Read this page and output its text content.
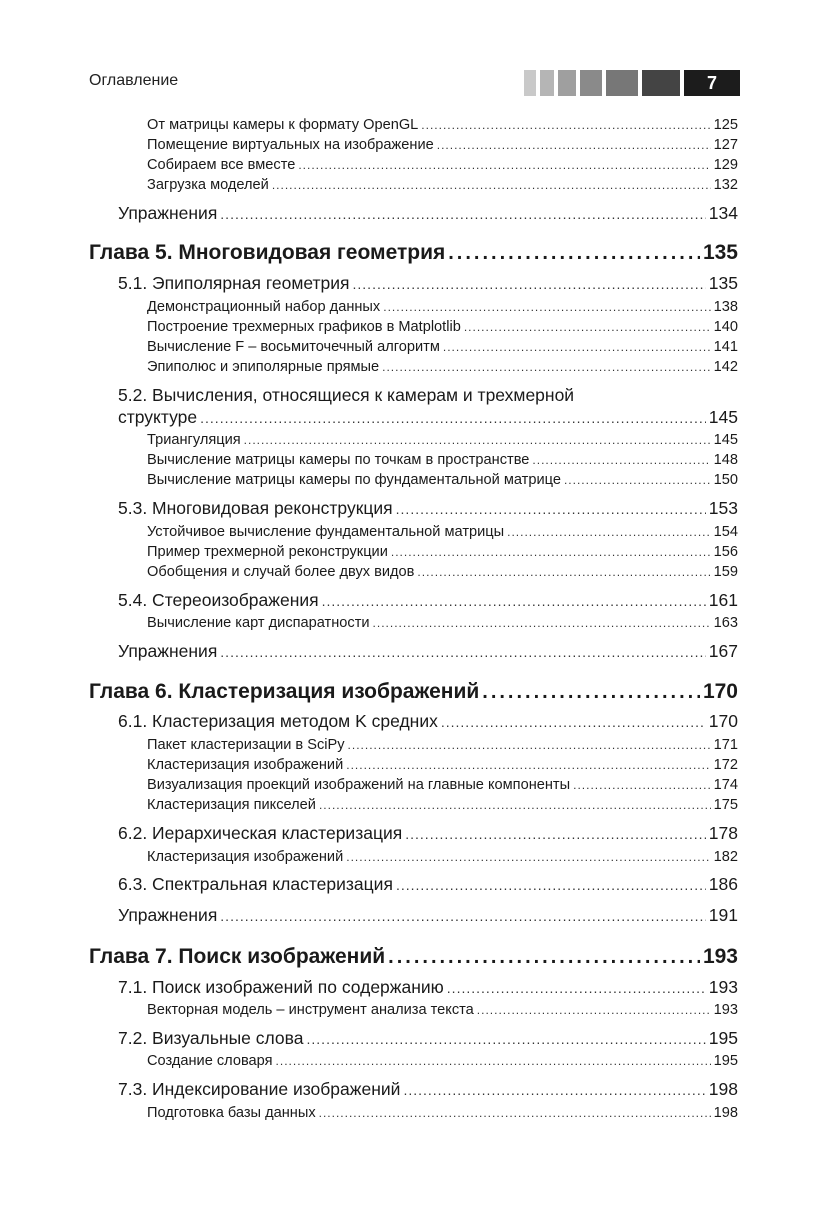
Оглавление	7
От матрицы камеры к формату OpenGL .....	125
Помещение виртуальных на изображение .....	127
Собираем все вместе .....	129
Загрузка моделей .....	132
Упражнения .....	134
Глава 5. Многовидовая геометрия .....	135
5.1. Эпиполярная геометрия .....	135
Демонстрационный набор данных .....	138
Построение трехмерных графиков в Matplotlib .....	140
Вычисление F – восьмиточечный алгоритм .....	141
Эпиполюс и эпиполярные прямые .....	142
5.2. Вычисления, относящиеся к камерам и трехмерной
структуре .....	145
Триангуляция .....	145
Вычисление матрицы камеры по точкам в пространстве .....	148
Вычисление матрицы камеры по фундаментальной матрице .....	150
5.3. Многовидовая реконструкция .....	153
Устойчивое вычисление фундаментальной матрицы .....	154
Пример трехмерной реконструкции .....	156
Обобщения и случай более двух видов .....	159
5.4. Стереоизображения .....	161
Вычисление карт диспаратности .....	163
Упражнения .....	167
Глава 6. Кластеризация изображений .....	170
6.1. Кластеризация методом K средних .....	170
Пакет кластеризации в SciPy .....	171
Кластеризация изображений .....	172
Визуализация проекций изображений на главные компоненты .....	174
Кластеризация пикселей .....	175
6.2. Иерархическая кластеризация .....	178
Кластеризация изображений .....	182
6.3. Спектральная кластеризация .....	186
Упражнения .....	191
Глава 7. Поиск изображений .....	193
7.1. Поиск изображений по содержанию .....	193
Векторная модель – инструмент анализа текста .....	193
7.2. Визуальные слова .....	195
Создание словаря .....	195
7.3. Индексирование изображений .....	198
Подготовка базы данных .....	198
